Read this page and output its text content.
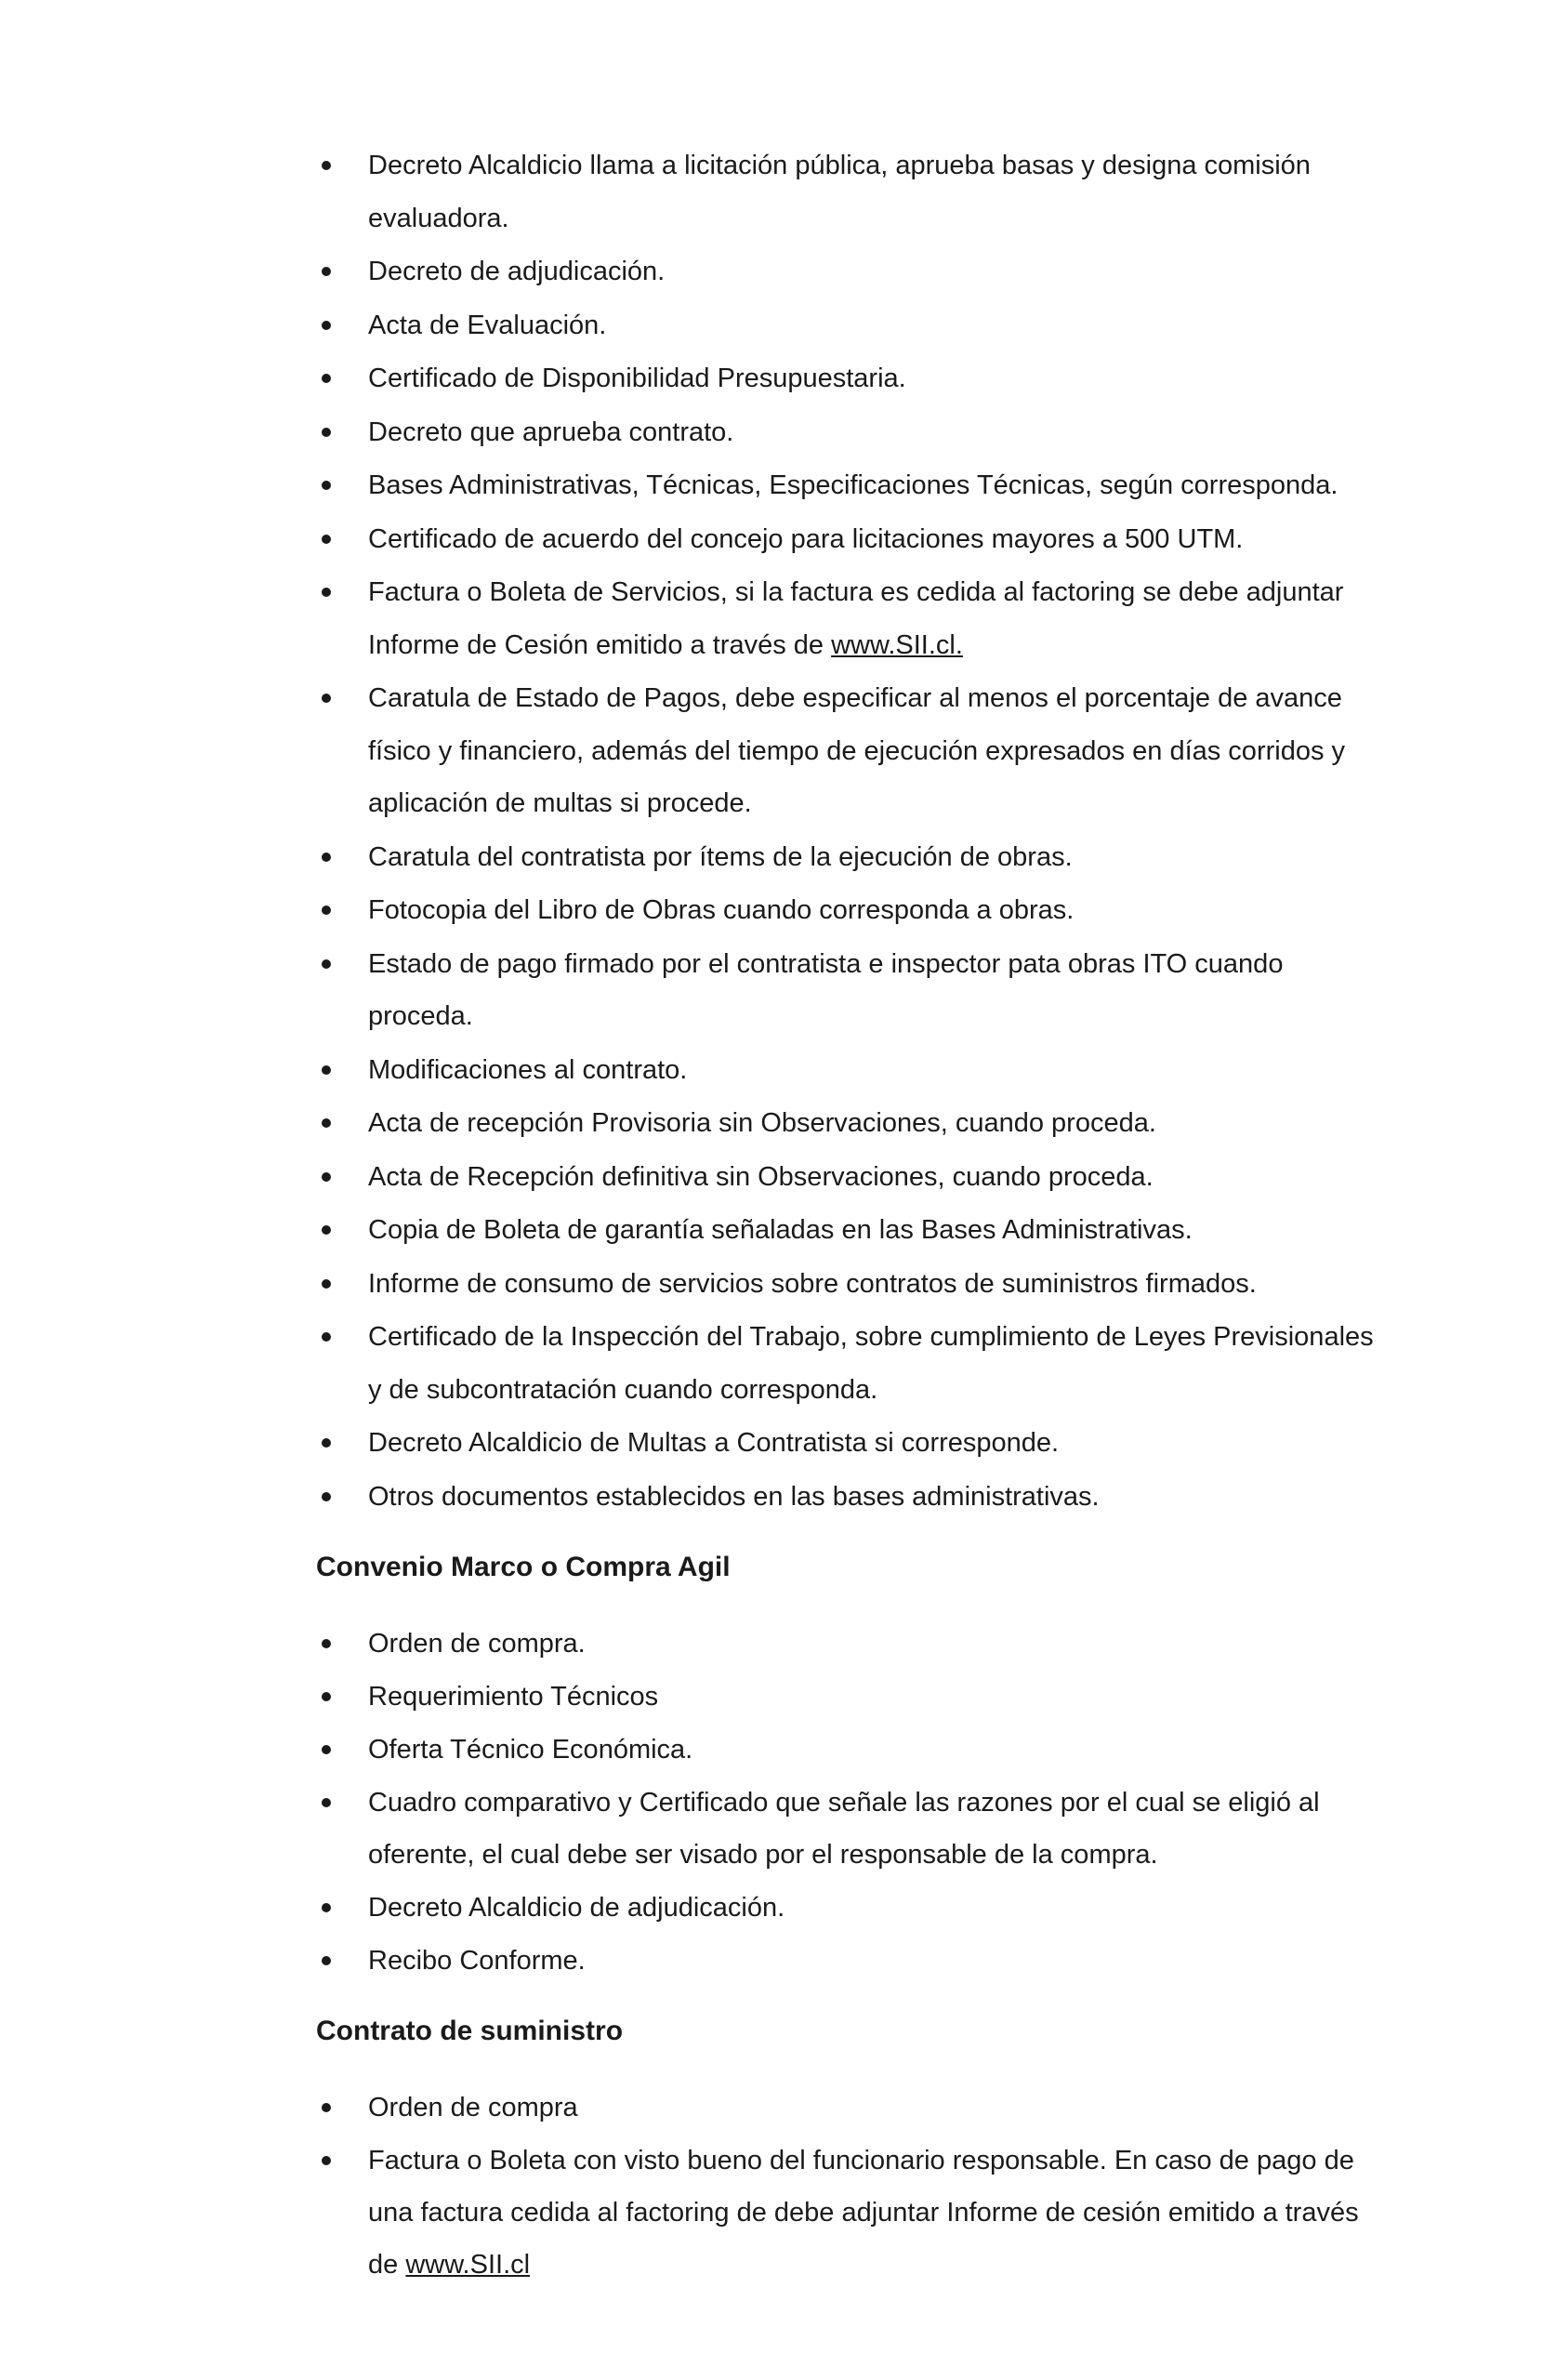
Decreto Alcaldicio llama a licitación pública, aprueba basas y designa comisión evaluadora.
Decreto de adjudicación.
Acta de Evaluación.
Certificado de Disponibilidad Presupuestaria.
Decreto que aprueba contrato.
Bases Administrativas, Técnicas, Especificaciones Técnicas, según corresponda.
Certificado de acuerdo del concejo para licitaciones mayores a 500 UTM.
Factura o Boleta de Servicios, si la factura es cedida al factoring se debe adjuntar Informe de Cesión emitido a través de www.SII.cl.
Caratula de Estado de Pagos, debe especificar al menos el porcentaje de avance físico y financiero, además del tiempo de ejecución expresados en días corridos y aplicación de multas si procede.
Caratula del contratista por ítems de la ejecución de obras.
Fotocopia del Libro de Obras cuando corresponda a obras.
Estado de pago firmado por el contratista e inspector pata obras ITO cuando proceda.
Modificaciones al contrato.
Acta de recepción Provisoria sin Observaciones, cuando proceda.
Acta de Recepción definitiva sin Observaciones, cuando proceda.
Copia de Boleta de garantía señaladas en las Bases Administrativas.
Informe de consumo de servicios sobre contratos de suministros firmados.
Certificado de la Inspección del Trabajo, sobre cumplimiento de Leyes Previsionales y de subcontratación cuando corresponda.
Decreto Alcaldicio de Multas a Contratista si corresponde.
Otros documentos establecidos en las bases administrativas.
Convenio Marco o Compra Agil
Orden de compra.
Requerimiento Técnicos
Oferta Técnico Económica.
Cuadro comparativo y Certificado que señale las razones por el cual se eligió al oferente, el cual debe ser visado por el responsable de la compra.
Decreto Alcaldicio de adjudicación.
Recibo Conforme.
Contrato de suministro
Orden de compra
Factura o Boleta con visto bueno del funcionario responsable. En caso de pago de una factura cedida al factoring de debe adjuntar Informe de cesión emitido a través de www.SII.cl
